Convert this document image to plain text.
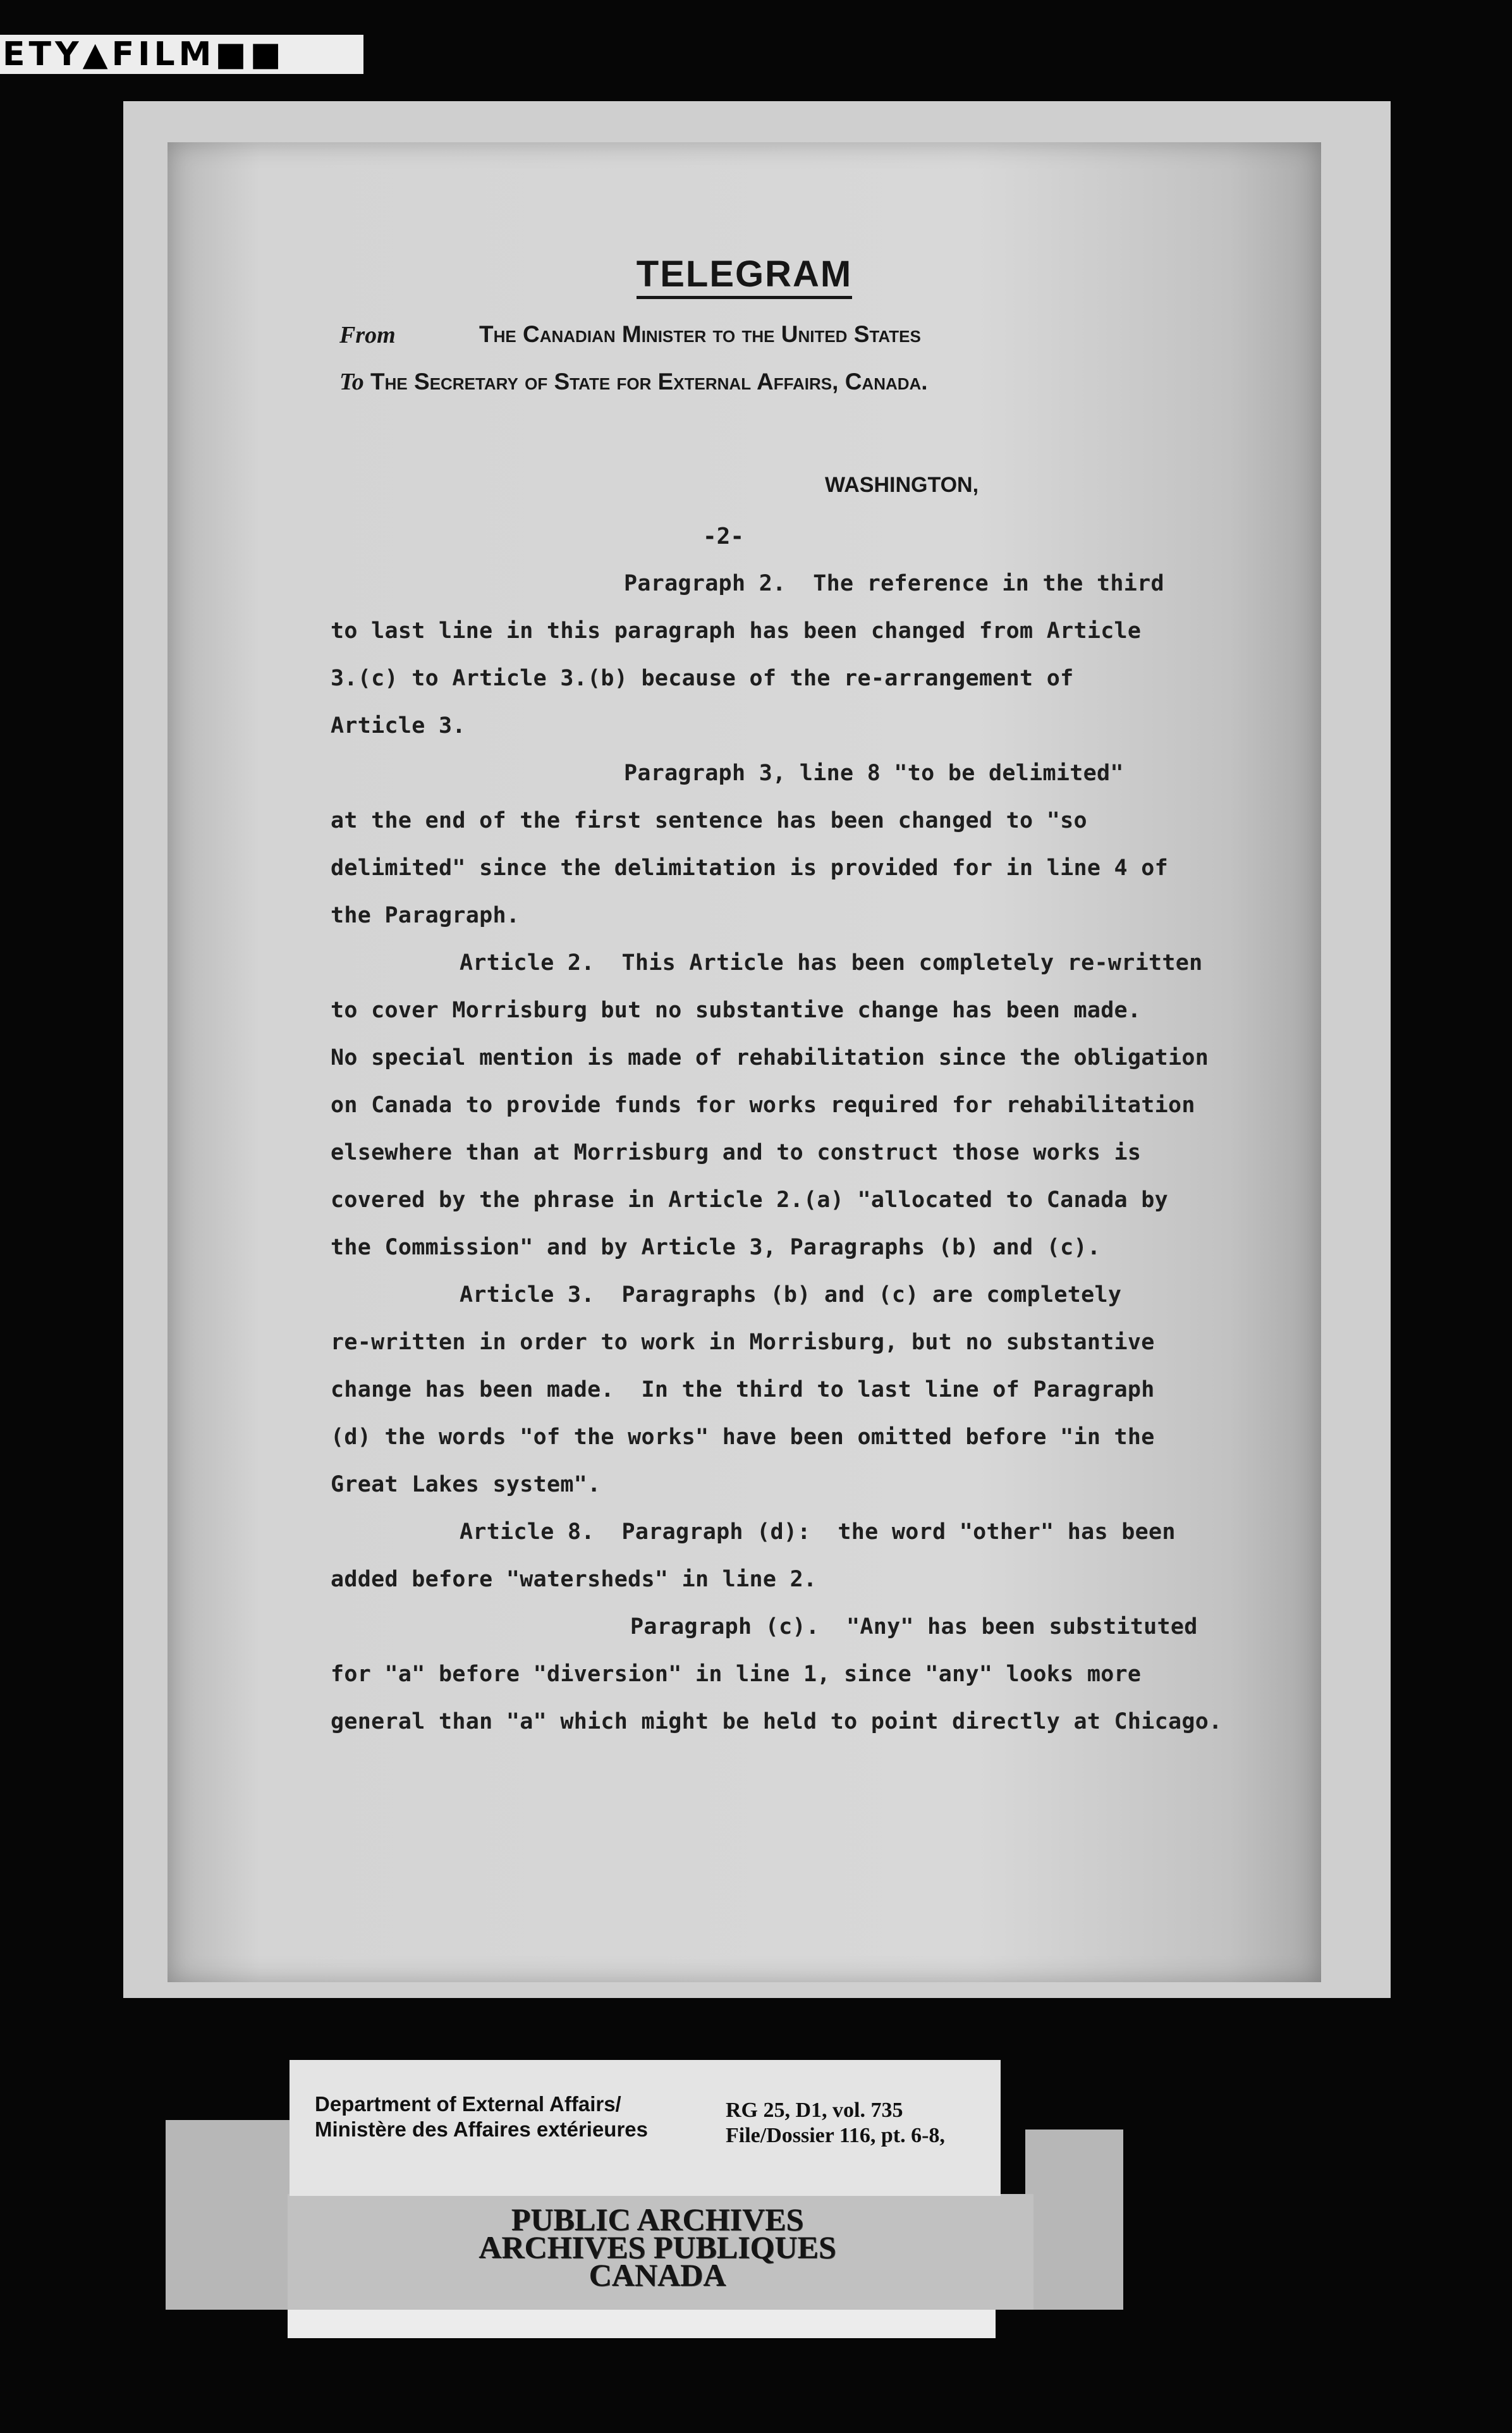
ETY▲FILM■■
TELEGRAM
From	The Canadian Minister to the United States
To The Secretary of State for External Affairs, Canada.
WASHINGTON,
-2-
Paragraph 2.  The reference in the third
to last line in this paragraph has been changed from Article
3.(c) to Article 3.(b) because of the re-arrangement of
Article 3.
Paragraph 3, line 8 "to be delimited"
at the end of the first sentence has been changed to "so
delimited" since the delimitation is provided for in line 4 of
the Paragraph.
Article 2.  This Article has been completely re-written
to cover Morrisburg but no substantive change has been made.
No special mention is made of rehabilitation since the obligation
on Canada to provide funds for works required for rehabilitation
elsewhere than at Morrisburg and to construct those works is
covered by the phrase in Article 2.(a) "allocated to Canada by
the Commission" and by Article 3, Paragraphs (b) and (c).
Article 3.  Paragraphs (b) and (c) are completely
re-written in order to work in Morrisburg, but no substantive
change has been made.  In the third to last line of Paragraph
(d) the words "of the works" have been omitted before "in the
Great Lakes system".
Article 8.  Paragraph (d):  the word "other" has been
added before "watersheds" in line 2.
Paragraph (c).  "Any" has been substituted
for "a" before "diversion" in line 1, since "any" looks more
general than "a" which might be held to point directly at Chicago.
Department of External Affairs/
Ministère des Affaires extérieures
RG 25, D1, vol. 735
File/Dossier 116, pt. 6-8,
PUBLIC ARCHIVES
ARCHIVES PUBLIQUES
CANADA
